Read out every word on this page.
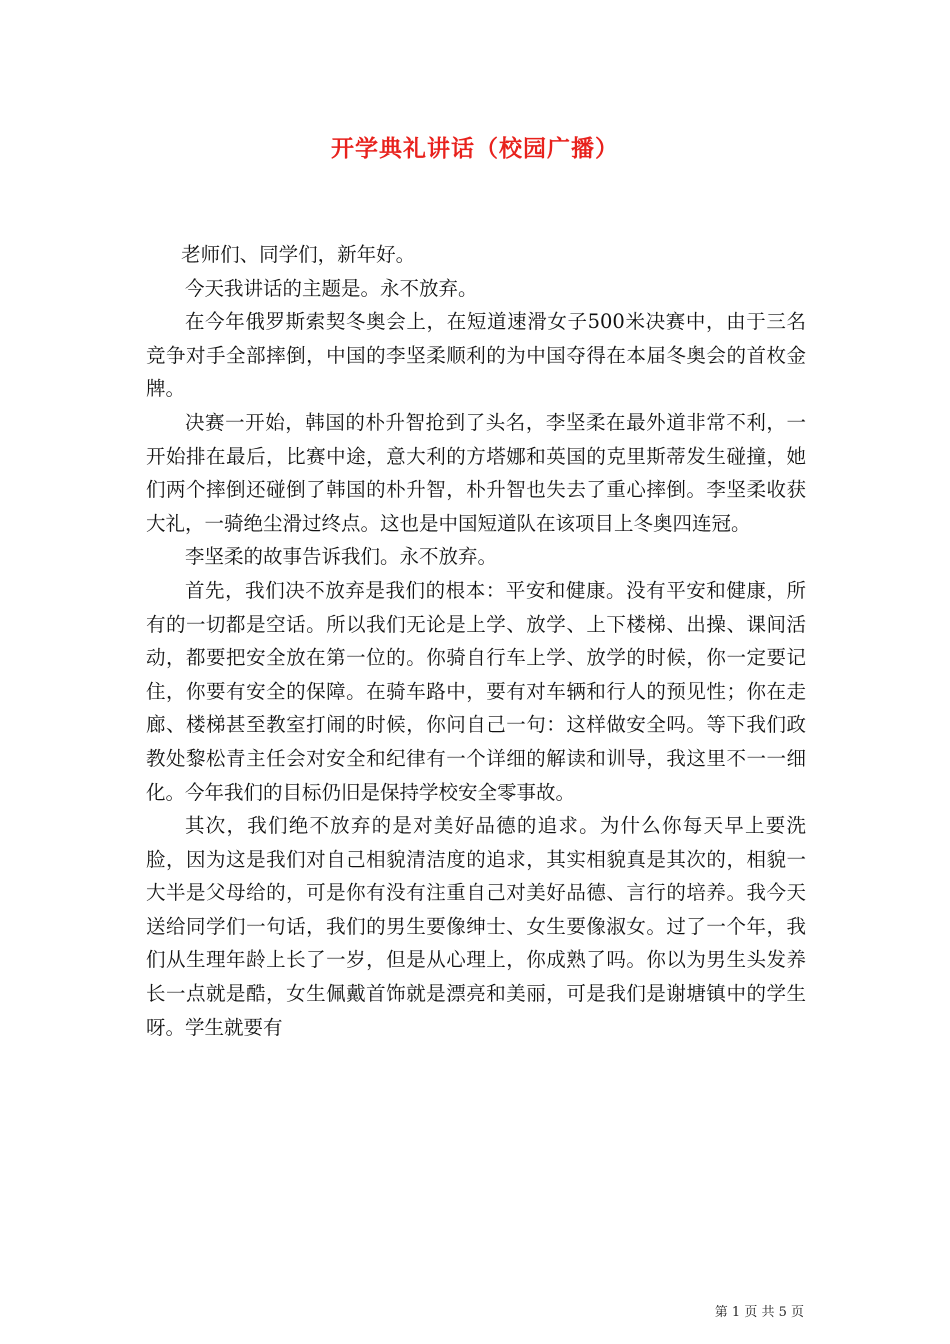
开学典礼讲话（校园广播）

老师们、同学们，新年好。

今天我讲话的主题是。永不放弃。

在今年俄罗斯索契冬奥会上，在短道速滑女子500米决赛中，由于三名竞争对手全部摔倒，中国的李坚柔顺利的为中国夺得在本届冬奥会的首枚金牌。

决赛一开始，韩国的朴升智抢到了头名，李坚柔在最外道非常不利，一开始排在最后，比赛中途，意大利的方塔娜和英国的克里斯蒂发生碰撞，她们两个摔倒还碰倒了韩国的朴升智，朴升智也失去了重心摔倒。李坚柔收获大礼，一骑绝尘滑过终点。这也是中国短道队在该项目上冬奥四连冠。

李坚柔的故事告诉我们。永不放弃。

首先，我们决不放弃是我们的根本：平安和健康。没有平安和健康，所有的一切都是空话。所以我们无论是上学、放学、上下楼梯、出操、课间活动，都要把安全放在第一位的。你骑自行车上学、放学的时候，你一定要记住，你要有安全的保障。在骑车路中，要有对车辆和行人的预见性；你在走廊、楼梯甚至教室打闹的时候，你问自己一句：这样做安全吗。等下我们政教处黎松青主任会对安全和纪律有一个详细的解读和训导，我这里不一一细化。今年我们的目标仍旧是保持学校安全零事故。

其次，我们绝不放弃的是对美好品德的追求。为什么你每天早上要洗脸，因为这是我们对自己相貌清洁度的追求，其实相貌真是其次的，相貌一大半是父母给的，可是你有没有注重自己对美好品德、言行的培养。我今天送给同学们一句话，我们的男生要像绅士、女生要像淑女。过了一个年，我们从生理年龄上长了一岁，但是从心理上，你成熟了吗。你以为男生头发养长一点就是酷，女生佩戴首饰就是漂亮和美丽，可是我们是谢塘镇中的学生呀。学生就要有

第 1 页 共 5 页
